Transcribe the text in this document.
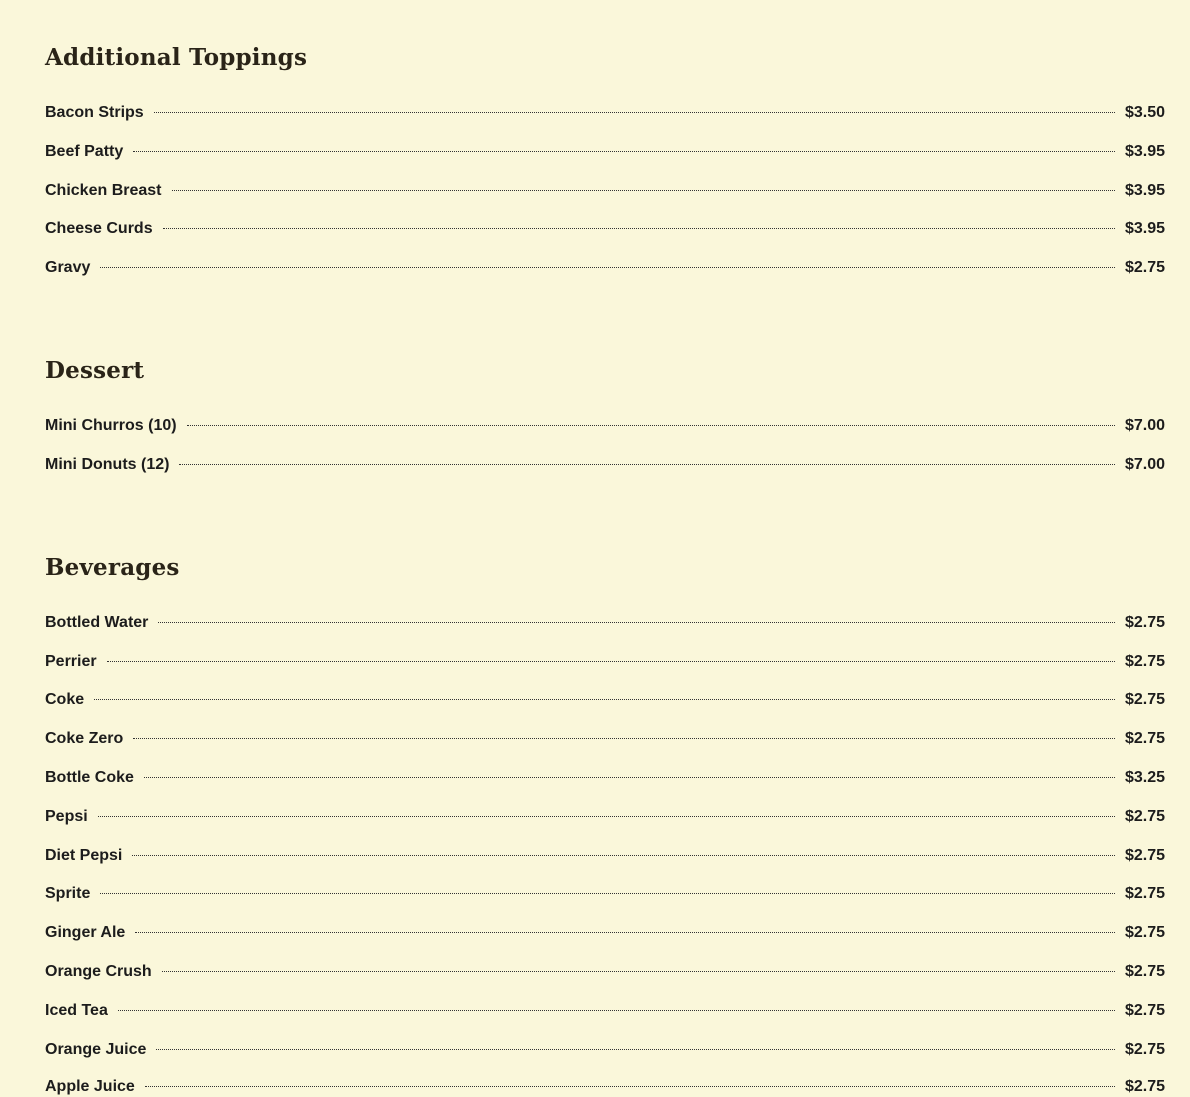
Additional Toppings
Bacon Strips	$3.50
Beef Patty	$3.95
Chicken Breast	$3.95
Cheese Curds	$3.95
Gravy	$2.75
Dessert
Mini Churros (10)	$7.00
Mini Donuts (12)	$7.00
Beverages
Bottled Water	$2.75
Perrier	$2.75
Coke	$2.75
Coke Zero	$2.75
Bottle Coke	$3.25
Pepsi	$2.75
Diet Pepsi	$2.75
Sprite	$2.75
Ginger Ale	$2.75
Orange Crush	$2.75
Iced Tea	$2.75
Orange Juice	$2.75
Apple Juice	$2.75
